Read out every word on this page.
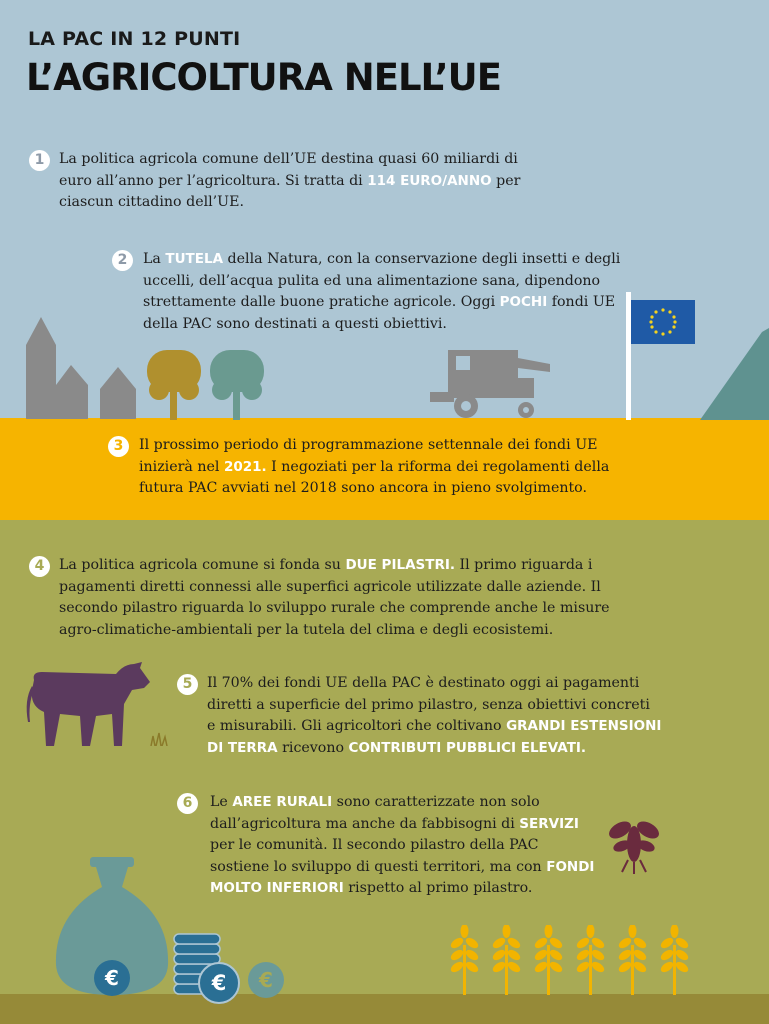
LA PAC IN 12 PUNTI
L’AGRICOLTURA NELL’UE
1	La politica agricola comune dell’UE destina quasi 60 miliardi di euro all’anno per l’agricoltura. Si tratta di 114 EURO/ANNO per ciascun cittadino dell’UE.
2	La TUTELA della Natura, con la conservazione degli insetti e degli uccelli, dell’acqua pulita ed una alimentazione sana, dipendono strettamente dalle buone pratiche agricole. Oggi POCHI fondi UE della PAC sono destinati a questi obiettivi.
3	Il prossimo periodo di programmazione settennale dei fondi UE inizierà nel 2021. I negoziati per la riforma dei regolamenti della futura PAC avviati nel 2018 sono ancora in pieno svolgimento.
4	La politica agricola comune si fonda su DUE PILASTRI. Il primo riguarda i pagamenti diretti connessi alle superfici agricole utilizzate dalle aziende. Il secondo pilastro riguarda lo sviluppo rurale che comprende anche le misure agro-climatiche-ambientali per la tutela del clima e degli ecosistemi.
5	Il 70% dei fondi UE della PAC è destinato oggi ai pagamenti diretti a superficie del primo pilastro, senza obiettivi concreti e misurabili. Gli agricoltori che coltivano GRANDI ESTENSIONI DI TERRA ricevono CONTRIBUTI PUBBLICI ELEVATI.
6	Le AREE RURALI sono caratterizzate non solo dall’agricoltura ma anche da fabbisogni di SERVIZI per le comunità. Il secondo pilastro della PAC sostiene lo sviluppo di questi territori, ma con FONDI MOLTO INFERIORI rispetto al primo pilastro.
€	€	€
